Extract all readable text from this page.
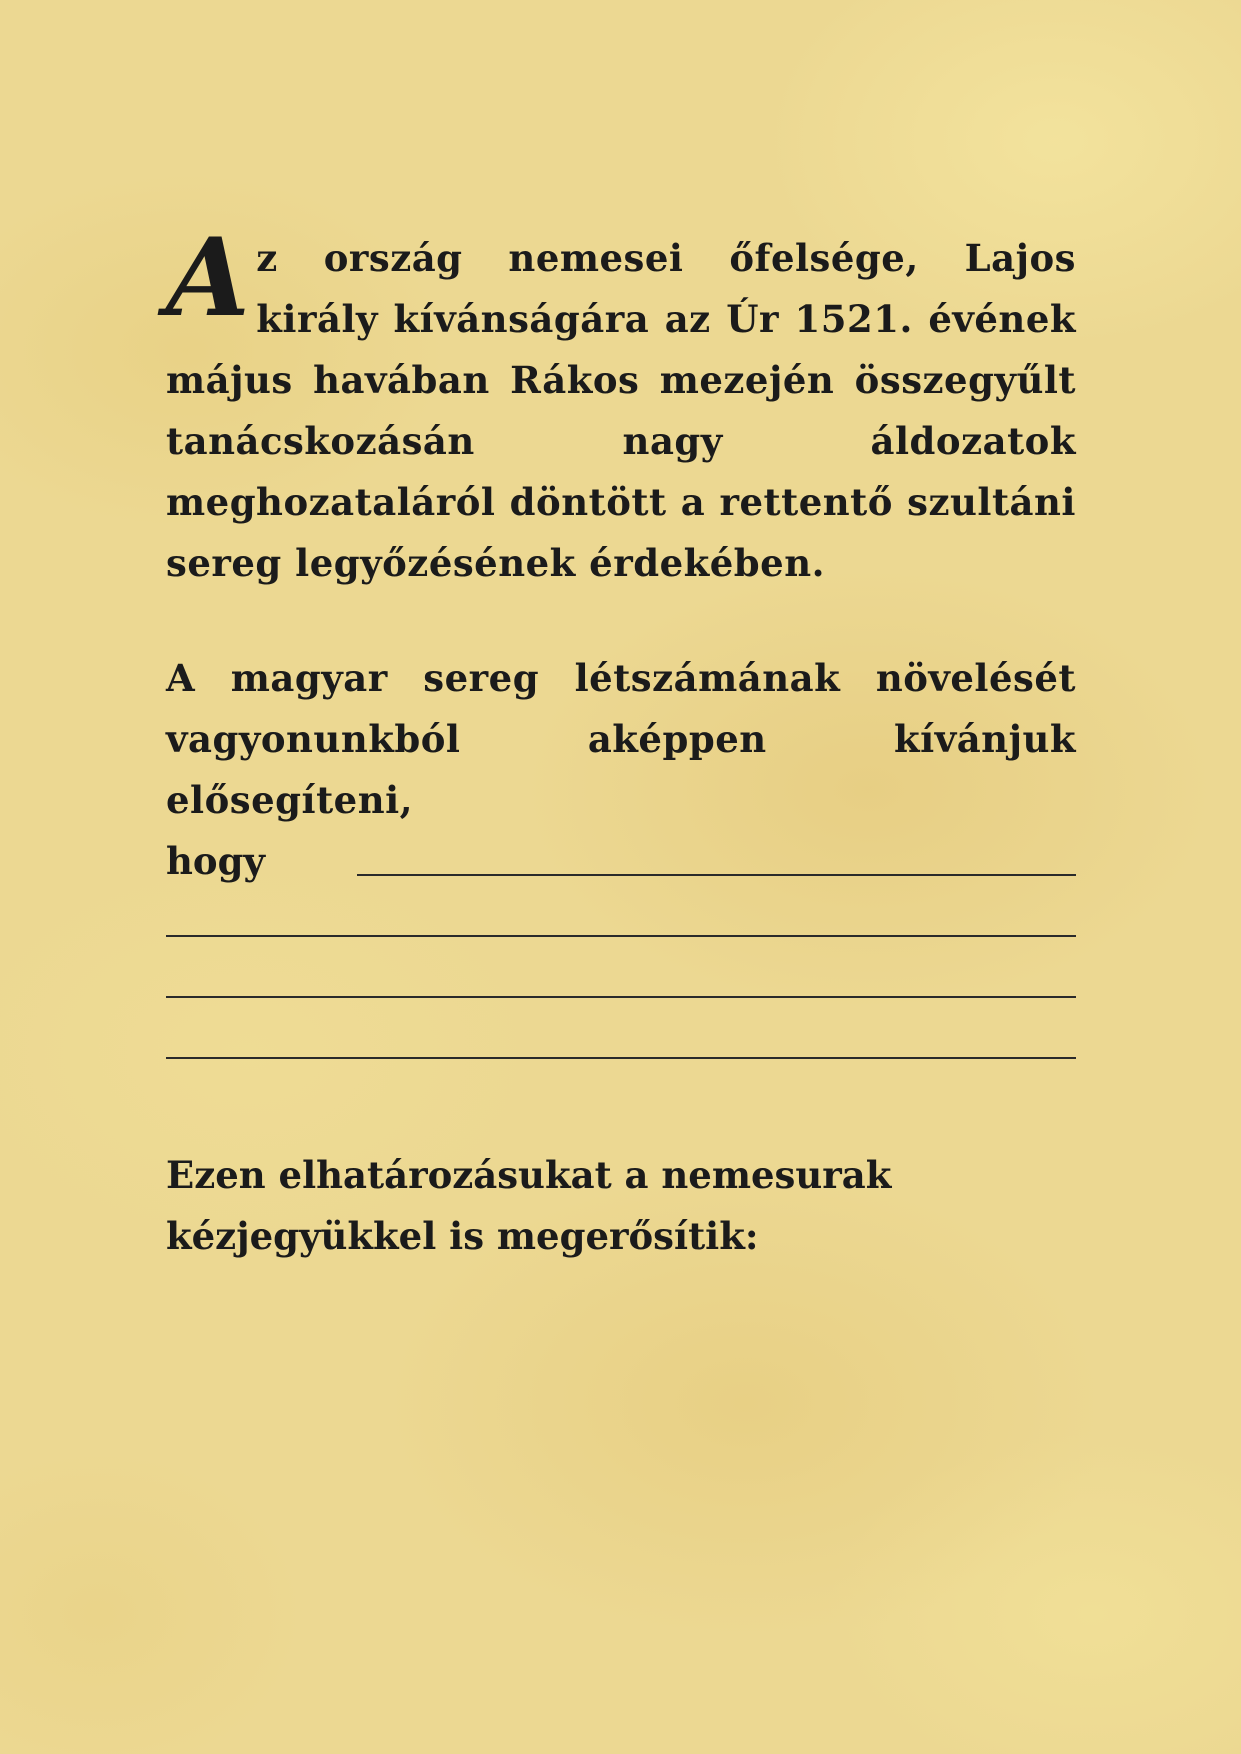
Az ország nemesei őfelsége, Lajos király kívánságára az Úr 1521. évének május havában Rákos mezején összegyűlt tanácskozásán nagy áldozatok meghozataláról döntött a rettentő szultáni sereg legyőzésének érdekében.

A magyar sereg létszámának növelését vagyonunkból aképpen kívánjuk elősegíteni,

hogy
Ezen elhatározásukat a nemesurak
kézjegyükkel is megerősítik:
